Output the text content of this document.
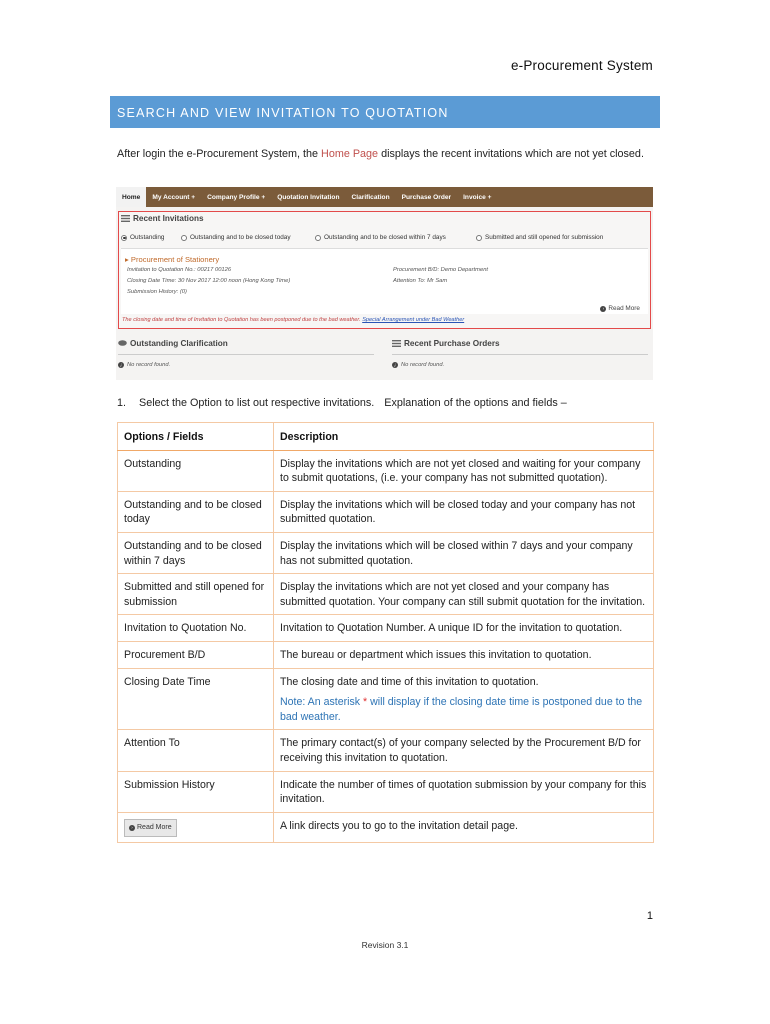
e-Procurement System
SEARCH AND VIEW INVITATION TO QUOTATION

After login the e-Procurement System, the Home Page displays the recent invitations which are not yet closed.

Home	My Account +	Company Profile +	Quotation Invitation	Clarification	Purchase Order	Invoice +
Recent Invitations
Outstanding	Outstanding and to be closed today	Outstanding and to be closed within 7 days	Submitted and still opened for submission
▸ Procurement of Stationery
Invitation to Quotation No.: 00217 00126
Closing Date Time: 30 Nov 2017 12:00 noon (Hong Kong Time)
Submission History: (0)
Procurement B/D: Demo Department
Attention To: Mr Sam
› Read More
The closing date and time of Invitation to Quotation has been postponed due to the bad weather. Special Arrangement under Bad Weather
Outstanding Clarification
i No record found.
Recent Purchase Orders
i No record found.
1. Select the Option to list out respective invitations. Explanation of the options and fields –
Options / Fields	Description
Outstanding	Display the invitations which are not yet closed and waiting for your company to submit quotations, (i.e. your company has not submitted quotation).
Outstanding and to be closed today	Display the invitations which will be closed today and your company has not submitted quotation.
Outstanding and to be closed within 7 days	Display the invitations which will be closed within 7 days and your company has not submitted quotation.
Submitted and still opened for submission	Display the invitations which are not yet closed and your company has submitted quotation. Your company can still submit quotation for the invitation.
Invitation to Quotation No.	Invitation to Quotation Number. A unique ID for the invitation to quotation.
Procurement B/D	The bureau or department which issues this invitation to quotation.
Closing Date Time	The closing date and time of this invitation to quotation.
	Note: An asterisk * will display if the closing date time is postponed due to the bad weather.
Attention To	The primary contact(s) of your company selected by the Procurement B/D for receiving this invitation to quotation.
Submission History	Indicate the number of times of quotation submission by your company for this invitation.

› Read More	A link directs you to go to the invitation detail page.
1
Revision 3.1
